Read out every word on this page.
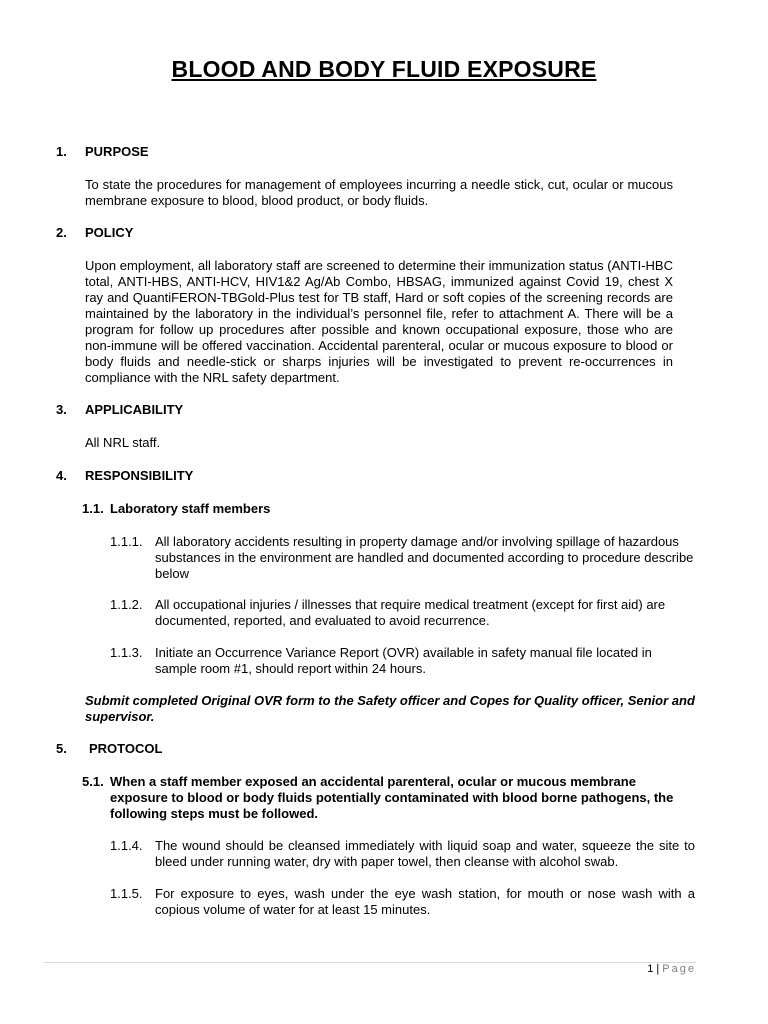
BLOOD AND BODY FLUID EXPOSURE
1. PURPOSE
To state the procedures for management of employees incurring a needle stick, cut, ocular or mucous membrane exposure to blood, blood product, or body fluids.
2. POLICY
Upon employment, all laboratory staff are screened to determine their immunization status (ANTI-HBC total, ANTI-HBS, ANTI-HCV, HIV1&2 Ag/Ab Combo, HBSAG, immunized against Covid 19, chest X ray and QuantiFERON-TBGold-Plus test for TB staff, Hard or soft copies of the screening records are maintained by the laboratory in the individual’s personnel file, refer to attachment A. There will be a program for follow up procedures after possible and known occupational exposure, those who are non-immune will be offered vaccination. Accidental parenteral, ocular or mucous exposure to blood or body fluids and needle-stick or sharps injuries will be investigated to prevent re-occurrences in compliance with the NRL safety department.
3. APPLICABILITY
All NRL staff.
4. RESPONSIBILITY
1.1. Laboratory staff members
1.1.1. All laboratory accidents resulting in property damage and/or involving spillage of hazardous substances in the environment are handled and documented according to procedure describe below
1.1.2. All occupational injuries / illnesses that require medical treatment (except for first aid) are documented, reported, and evaluated to avoid recurrence.
1.1.3. Initiate an Occurrence Variance Report (OVR) available in safety manual file located in sample room #1, should report within 24 hours.
Submit completed Original OVR form to the Safety officer and Copes for Quality officer, Senior and supervisor.
5. PROTOCOL
5.1. When a staff member exposed an accidental parenteral, ocular or mucous membrane exposure to blood or body fluids potentially contaminated with blood borne pathogens, the following steps must be followed.
1.1.4. The wound should be cleansed immediately with liquid soap and water, squeeze the site to bleed under running water, dry with paper towel, then cleanse with alcohol swab.
1.1.5. For exposure to eyes, wash under the eye wash station, for mouth or nose wash with a copious volume of water for at least 15 minutes.
1 | Page
